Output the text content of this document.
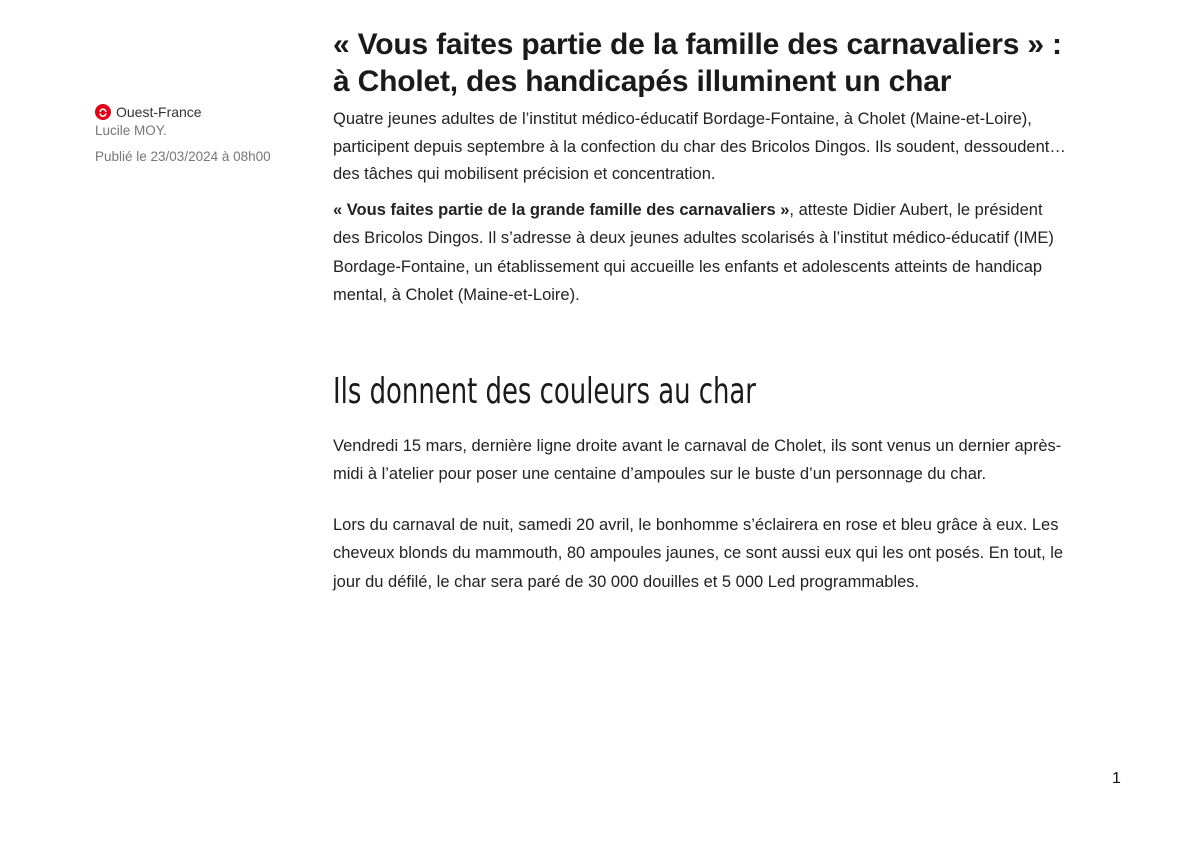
Ouest-France
Lucile MOY.
Publié le 23/03/2024 à 08h00
« Vous faites partie de la famille des carnavaliers » : à Cholet, des handicapés illuminent un char

Quatre jeunes adultes de l’institut médico-éducatif Bordage-Fontaine, à Cholet (Maine-et-Loire), participent depuis septembre à la confection du char des Bricolos Dingos. Ils soudent, dessoudent… des tâches qui mobilisent précision et concentration.

« Vous faites partie de la grande famille des carnavaliers », atteste Didier Aubert, le président des Bricolos Dingos. Il s’adresse à deux jeunes adultes scolarisés à l’institut médico-éducatif (IME) Bordage-Fontaine, un établissement qui accueille les enfants et adolescents atteints de handicap mental, à Cholet (Maine-et-Loire).

Ils donnent des couleurs au char

Vendredi 15 mars, dernière ligne droite avant le carnaval de Cholet, ils sont venus un dernier après-midi à l’atelier pour poser une centaine d’ampoules sur le buste d’un personnage du char.

Lors du carnaval de nuit, samedi 20 avril, le bonhomme s’éclairera en rose et bleu grâce à eux. Les cheveux blonds du mammouth, 80 ampoules jaunes, ce sont aussi eux qui les ont posés. En tout, le jour du défilé, le char sera paré de 30 000 douilles et 5 000 Led programmables.

1
